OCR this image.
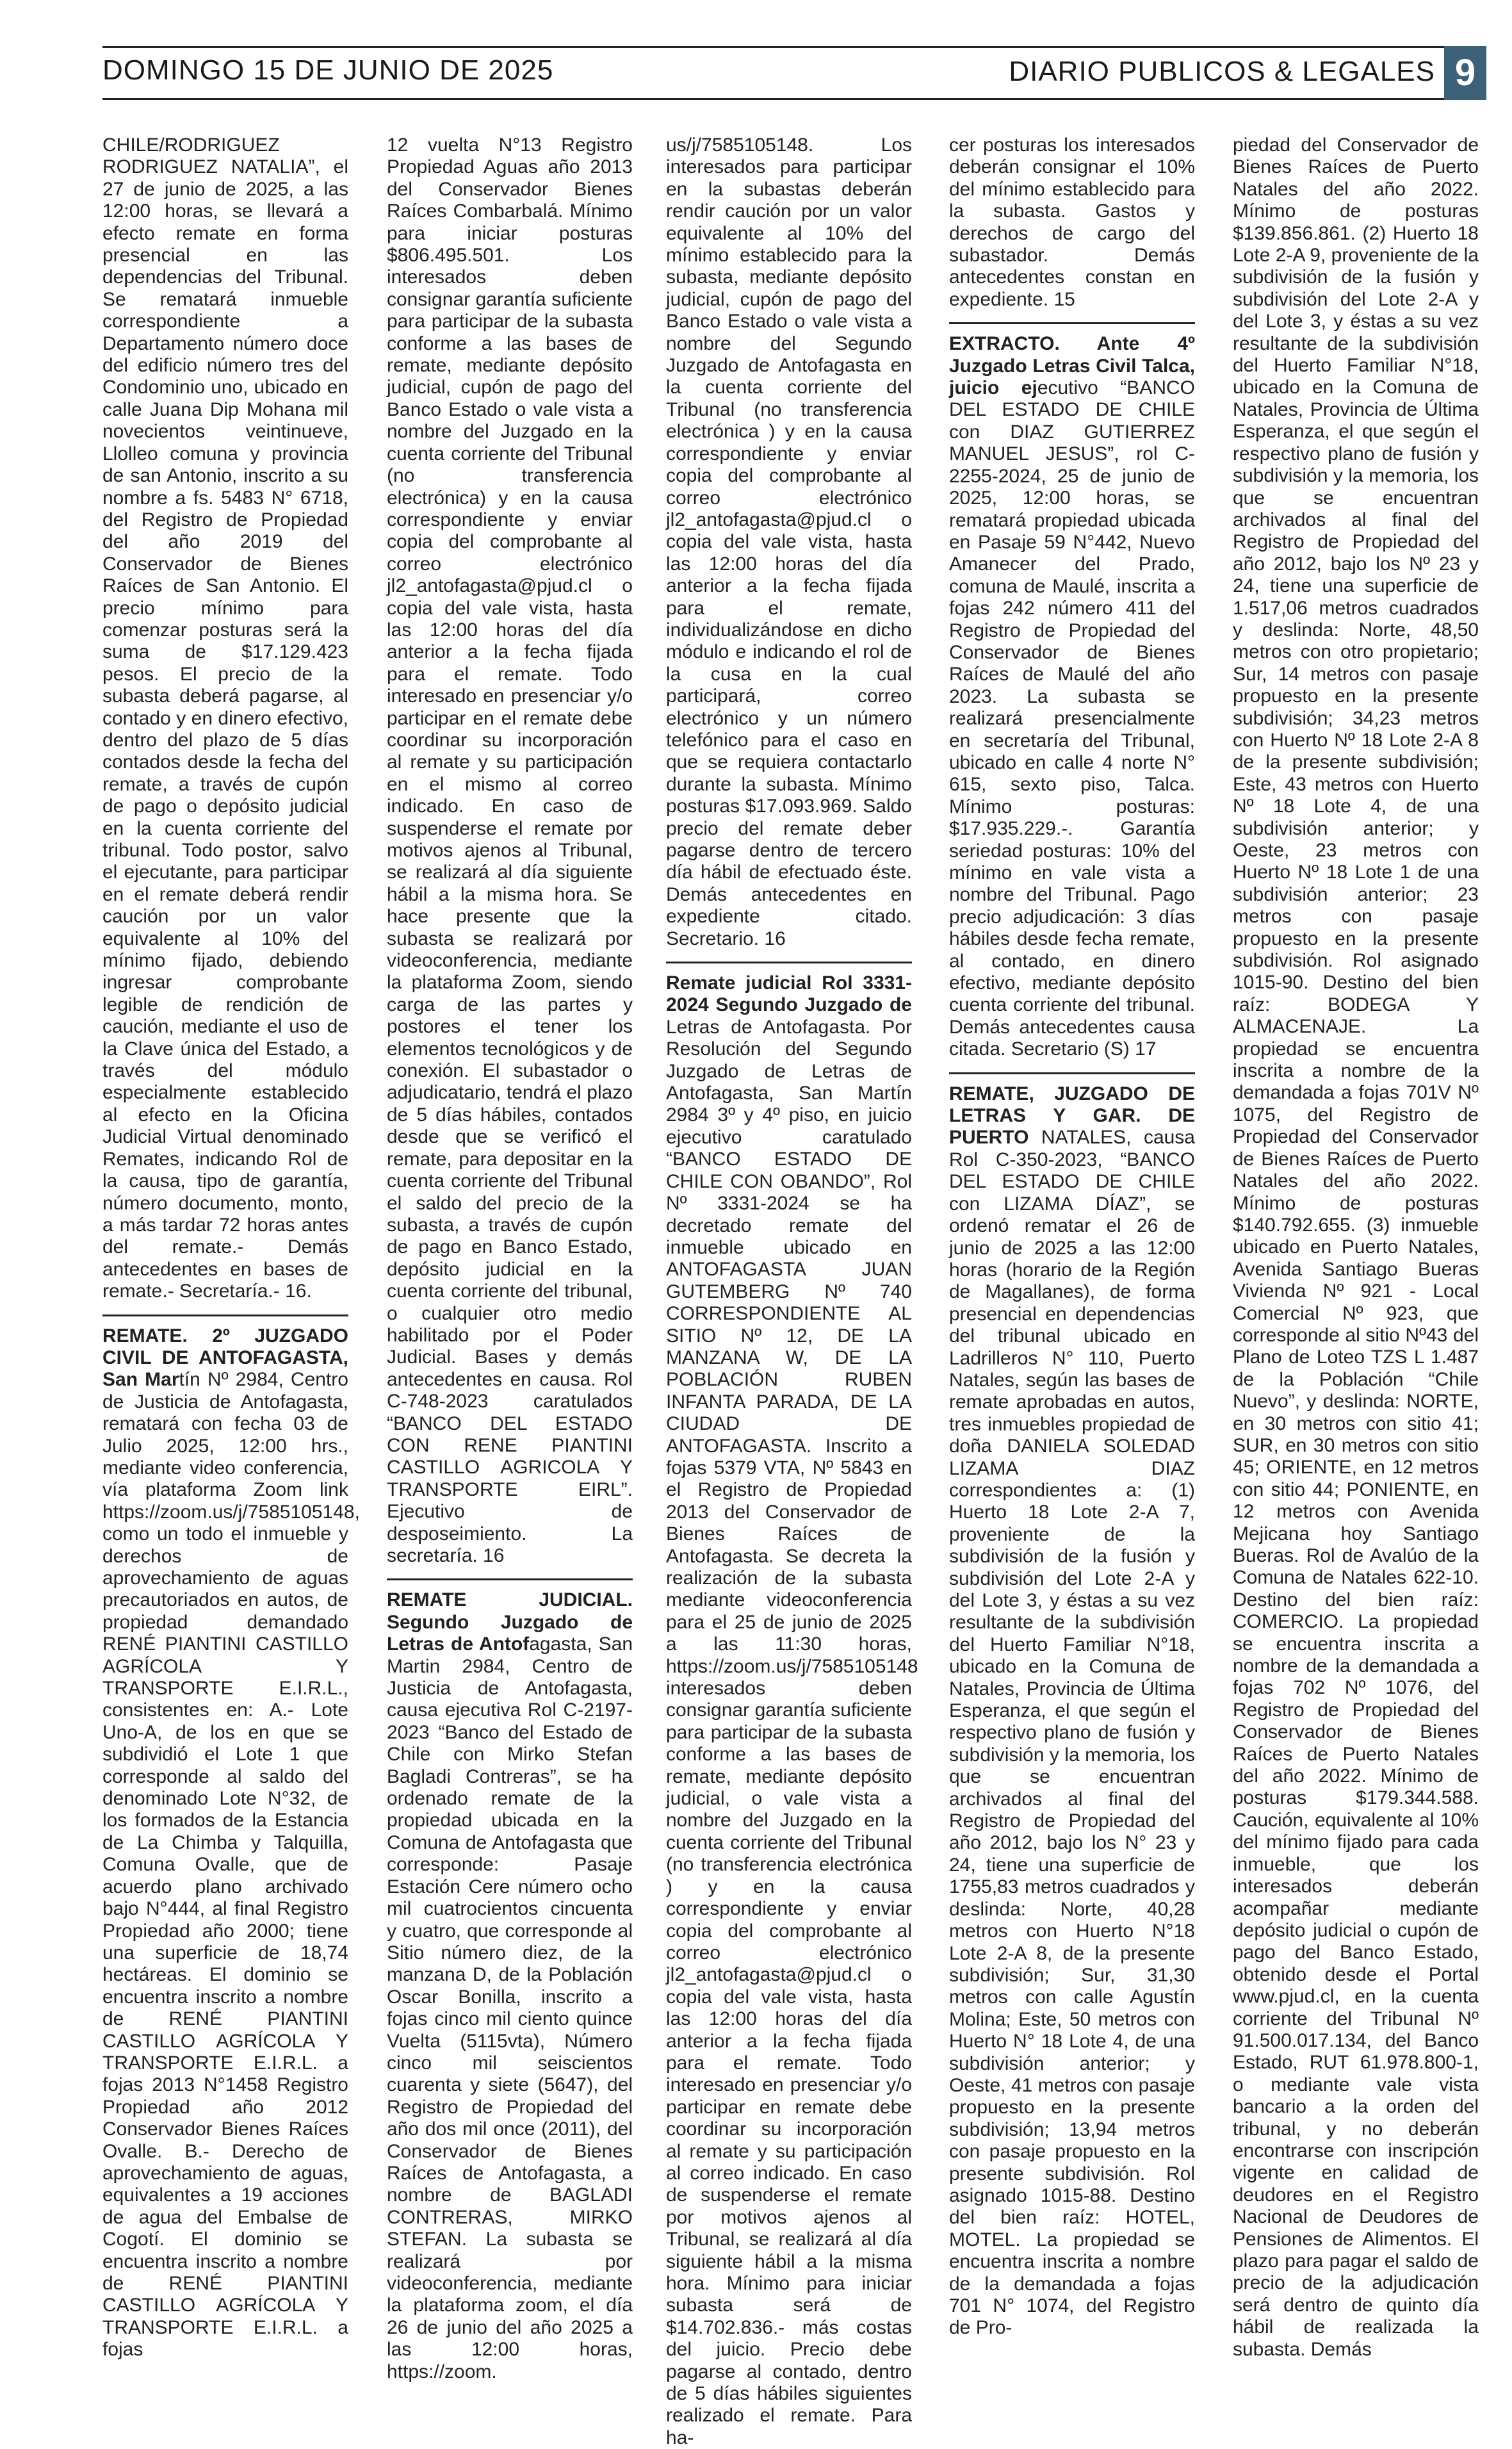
DOMINGO 15 DE JUNIO DE 2025	DIARIO PUBLICOS & LEGALES 9

CHILE/RODRIGUEZ RODRIGUEZ NATALIA”, el 27 de junio de 2025, a las 12:00 horas, se llevará a efecto remate en forma presencial en las dependencias del Tribunal. Se rematará inmueble correspondiente a Departamento número doce del edificio número tres del Condominio uno, ubicado en calle Juana Dip Mohana mil novecientos veintinueve, Llolleo comuna y provincia de san Antonio, inscrito a su nombre a fs. 5483 N° 6718, del Registro de Propiedad del año 2019 del Conservador de Bienes Raíces de San Antonio. El precio mínimo para comenzar posturas será la suma de $17.129.423 pesos. El precio de la subasta deberá pagarse, al contado y en dinero efectivo, dentro del plazo de 5 días contados desde la fecha del remate, a través de cupón de pago o depósito judicial en la cuenta corriente del tribunal. Todo postor, salvo el ejecutante, para participar en el remate deberá rendir caución por un valor equivalente al 10% del mínimo fijado, debiendo ingresar comprobante legible de rendición de caución, mediante el uso de la Clave única del Estado, a través del módulo especialmente establecido al efecto en la Oficina Judicial Virtual denominado Remates, indicando Rol de la causa, tipo de garantía, número documento, monto, a más tardar 72 horas antes del remate.- Demás antecedentes en bases de remate.- Secretaría.- 16.

REMATE. 2º JUZGADO CIVIL DE ANTOFAGASTA, San Martín Nº 2984, Centro de Justicia de Antofagasta, rematará con fecha 03 de Julio 2025, 12:00 hrs., mediante video conferencia, vía plataforma Zoom link https://zoom.us/j/7585105148, como un todo el inmueble y derechos de aprovechamiento de aguas precautoriados en autos, de propiedad demandado RENÉ PIANTINI CASTILLO AGRÍCOLA Y TRANSPORTE E.I.R.L., consistentes en: A.- Lote Uno-A, de los en que se subdividió el Lote 1 que corresponde al saldo del denominado Lote N°32, de los formados de la Estancia de La Chimba y Talquilla, Comuna Ovalle, que de acuerdo plano archivado bajo N°444, al final Registro Propiedad año 2000; tiene una superficie de 18,74 hectáreas. El dominio se encuentra inscrito a nombre de RENÉ PIANTINI CASTILLO AGRÍCOLA Y TRANSPORTE E.I.R.L. a fojas 2013 N°1458 Registro Propiedad año 2012 Conservador Bienes Raíces Ovalle. B.- Derecho de aprovechamiento de aguas, equivalentes a 19 acciones de agua del Embalse de Cogotí. El dominio se encuentra inscrito a nombre de RENÉ PIANTINI CASTILLO AGRÍCOLA Y TRANSPORTE E.I.R.L. a fojas

12 vuelta N°13 Registro Propiedad Aguas año 2013 del Conservador Bienes Raíces Combarbalá. Mínimo para iniciar posturas $806.495.501. Los interesados deben consignar garantía suficiente para participar de la subasta conforme a las bases de remate, mediante depósito judicial, cupón de pago del Banco Estado o vale vista a nombre del Juzgado en la cuenta corriente del Tribunal (no transferencia electrónica) y en la causa correspondiente y enviar copia del comprobante al correo electrónico jl2_antofagasta@pjud.cl o copia del vale vista, hasta las 12:00 horas del día anterior a la fecha fijada para el remate. Todo interesado en presenciar y/o participar en el remate debe coordinar su incorporación al remate y su participación en el mismo al correo indicado. En caso de suspenderse el remate por motivos ajenos al Tribunal, se realizará al día siguiente hábil a la misma hora. Se hace presente que la subasta se realizará por videoconferencia, mediante la plataforma Zoom, siendo carga de las partes y postores el tener los elementos tecnológicos y de conexión. El subastador o adjudicatario, tendrá el plazo de 5 días hábiles, contados desde que se verificó el remate, para depositar en la cuenta corriente del Tribunal el saldo del precio de la subasta, a través de cupón de pago en Banco Estado, depósito judicial en la cuenta corriente del tribunal, o cualquier otro medio habilitado por el Poder Judicial. Bases y demás antecedentes en causa. Rol C-748-2023 caratulados “BANCO DEL ESTADO CON RENE PIANTINI CASTILLO AGRICOLA Y TRANSPORTE EIRL”. Ejecutivo de desposeimiento. La secretaría. 16

REMATE JUDICIAL. Segundo Juzgado de Letras de Antofagasta, San Martin 2984, Centro de Justicia de Antofagasta, causa ejecutiva Rol C-2197-2023 “Banco del Estado de Chile con Mirko Stefan Bagladi Contreras”, se ha ordenado remate de la propiedad ubicada en la Comuna de Antofagasta que corresponde: Pasaje Estación Cere número ocho mil cuatrocientos cincuenta y cuatro, que corresponde al Sitio número diez, de la manzana D, de la Población Oscar Bonilla, inscrito a fojas cinco mil ciento quince Vuelta (5115vta), Número cinco mil seiscientos cuarenta y siete (5647), del Registro de Propiedad del año dos mil once (2011), del Conservador de Bienes Raíces de Antofagasta, a nombre de BAGLADI CONTRERAS, MIRKO STEFAN. La subasta se realizará por videoconferencia, mediante la plataforma zoom, el día 26 de junio del año 2025 a las 12:00 horas, https://zoom.

us/j/7585105148. Los interesados para participar en la subastas deberán rendir caución por un valor equivalente al 10% del mínimo establecido para la subasta, mediante depósito judicial, cupón de pago del Banco Estado o vale vista a nombre del Segundo Juzgado de Antofagasta en la cuenta corriente del Tribunal (no transferencia electrónica ) y en la causa correspondiente y enviar copia del comprobante al correo electrónico jl2_antofagasta@pjud.cl o copia del vale vista, hasta las 12:00 horas del día anterior a la fecha fijada para el remate, individualizándose en dicho módulo e indicando el rol de la cusa en la cual participará, correo electrónico y un número telefónico para el caso en que se requiera contactarlo durante la subasta. Mínimo posturas $17.093.969. Saldo precio del remate deber pagarse dentro de tercero día hábil de efectuado éste. Demás antecedentes en expediente citado. Secretario. 16

Remate judicial Rol 3331-2024 Segundo Juzgado de Letras de Antofagasta. Por Resolución del Segundo Juzgado de Letras de Antofagasta, San Martín 2984 3º y 4º piso, en juicio ejecutivo caratulado “BANCO ESTADO DE CHILE CON OBANDO”, Rol Nº 3331-2024 se ha decretado remate del inmueble ubicado en ANTOFAGASTA JUAN GUTEMBERG Nº 740 CORRESPONDIENTE AL SITIO Nº 12, DE LA MANZANA W, DE LA POBLACIÓN RUBEN INFANTA PARADA, DE LA CIUDAD DE ANTOFAGASTA. Inscrito a fojas 5379 VTA, Nº 5843 en el Registro de Propiedad 2013 del Conservador de Bienes Raíces de Antofagasta. Se decreta la realización de la subasta mediante videoconferencia para el 25 de junio de 2025 a las 11:30 horas, https://zoom.us/j/7585105148 interesados deben consignar garantía suficiente para participar de la subasta conforme a las bases de remate, mediante depósito judicial, o vale vista a nombre del Juzgado en la cuenta corriente del Tribunal (no transferencia electrónica ) y en la causa correspondiente y enviar copia del comprobante al correo electrónico jl2_antofagasta@pjud.cl o copia del vale vista, hasta las 12:00 horas del día anterior a la fecha fijada para el remate. Todo interesado en presenciar y/o participar en remate debe coordinar su incorporación al remate y su participación al correo indicado. En caso de suspenderse el remate por motivos ajenos al Tribunal, se realizará al día siguiente hábil a la misma hora. Mínimo para iniciar subasta será de $14.702.836.- más costas del juicio. Precio debe pagarse al contado, dentro de 5 días hábiles siguientes realizado el remate. Para ha-

cer posturas los interesados deberán consignar el 10% del mínimo establecido para la subasta. Gastos y derechos de cargo del subastador. Demás antecedentes constan en expediente. 15

EXTRACTO. Ante 4º Juzgado Letras Civil Talca, juicio ejecutivo “BANCO DEL ESTADO DE CHILE con DIAZ GUTIERREZ MANUEL JESUS”, rol C-2255-2024, 25 de junio de 2025, 12:00 horas, se rematará propiedad ubicada en Pasaje 59 N°442, Nuevo Amanecer del Prado, comuna de Maulé, inscrita a fojas 242 número 411 del Registro de Propiedad del Conservador de Bienes Raíces de Maulé del año 2023. La subasta se realizará presencialmente en secretaría del Tribunal, ubicado en calle 4 norte N° 615, sexto piso, Talca. Mínimo posturas: $17.935.229.-. Garantía seriedad posturas: 10% del mínimo en vale vista a nombre del Tribunal. Pago precio adjudicación: 3 días hábiles desde fecha remate, al contado, en dinero efectivo, mediante depósito cuenta corriente del tribunal. Demás antecedentes causa citada. Secretario (S) 17

REMATE, JUZGADO DE LETRAS Y GAR. DE PUERTO NATALES, causa Rol C-350-2023, “BANCO DEL ESTADO DE CHILE con LIZAMA DÍAZ”, se ordenó rematar el 26 de junio de 2025 a las 12:00 horas (horario de la Región de Magallanes), de forma presencial en dependencias del tribunal ubicado en Ladrilleros N° 110, Puerto Natales, según las bases de remate aprobadas en autos, tres inmuebles propiedad de doña DANIELA SOLEDAD LIZAMA DIAZ correspondientes a: (1) Huerto 18 Lote 2-A 7, proveniente de la subdivisión de la fusión y subdivisión del Lote 2-A y del Lote 3, y éstas a su vez resultante de la subdivisión del Huerto Familiar N°18, ubicado en la Comuna de Natales, Provincia de Última Esperanza, el que según el respectivo plano de fusión y subdivisión y la memoria, los que se encuentran archivados al final del Registro de Propiedad del año 2012, bajo los N° 23 y 24, tiene una superficie de 1755,83 metros cuadrados y deslinda: Norte, 40,28 metros con Huerto N°18 Lote 2-A 8, de la presente subdivisión; Sur, 31,30 metros con calle Agustín Molina; Este, 50 metros con Huerto N° 18 Lote 4, de una subdivisión anterior; y Oeste, 41 metros con pasaje propuesto en la presente subdivisión; 13,94 metros con pasaje propuesto en la presente subdivisión. Rol asignado 1015-88. Destino del bien raíz: HOTEL, MOTEL. La propiedad se encuentra inscrita a nombre de la demandada a fojas 701 N° 1074, del Registro de Pro-

piedad del Conservador de Bienes Raíces de Puerto Natales del año 2022. Mínimo de posturas $139.856.861. (2) Huerto 18 Lote 2-A 9, proveniente de la subdivisión de la fusión y subdivisión del Lote 2-A y del Lote 3, y éstas a su vez resultante de la subdivisión del Huerto Familiar N°18, ubicado en la Comuna de Natales, Provincia de Última Esperanza, el que según el respectivo plano de fusión y subdivisión y la memoria, los que se encuentran archivados al final del Registro de Propiedad del año 2012, bajo los Nº 23 y 24, tiene una superficie de 1.517,06 metros cuadrados y deslinda: Norte, 48,50 metros con otro propietario; Sur, 14 metros con pasaje propuesto en la presente subdivisión; 34,23 metros con Huerto Nº 18 Lote 2-A 8 de la presente subdivisión; Este, 43 metros con Huerto Nº 18 Lote 4, de una subdivisión anterior; y Oeste, 23 metros con Huerto Nº 18 Lote 1 de una subdivisión anterior; 23 metros con pasaje propuesto en la presente subdivisión. Rol asignado 1015-90. Destino del bien raíz: BODEGA Y ALMACENAJE. La propiedad se encuentra inscrita a nombre de la demandada a fojas 701V Nº 1075, del Registro de Propiedad del Conservador de Bienes Raíces de Puerto Natales del año 2022. Mínimo de posturas $140.792.655. (3) inmueble ubicado en Puerto Natales, Avenida Santiago Bueras Vivienda Nº 921 - Local Comercial Nº 923, que corresponde al sitio Nº43 del Plano de Loteo TZS L 1.487 de la Población “Chile Nuevo”, y deslinda: NORTE, en 30 metros con sitio 41; SUR, en 30 metros con sitio 45; ORIENTE, en 12 metros con sitio 44; PONIENTE, en 12 metros con Avenida Mejicana hoy Santiago Bueras. Rol de Avalúo de la Comuna de Natales 622-10. Destino del bien raíz: COMERCIO. La propiedad se encuentra inscrita a nombre de la demandada a fojas 702 Nº 1076, del Registro de Propiedad del Conservador de Bienes Raíces de Puerto Natales del año 2022. Mínimo de posturas $179.344.588. Caución, equivalente al 10% del mínimo fijado para cada inmueble, que los interesados deberán acompañar mediante depósito judicial o cupón de pago del Banco Estado, obtenido desde el Portal www.pjud.cl, en la cuenta corriente del Tribunal Nº 91.500.017.134, del Banco Estado, RUT 61.978.800-1, o mediante vale vista bancario a la orden del tribunal, y no deberán encontrarse con inscripción vigente en calidad de deudores en el Registro Nacional de Deudores de Pensiones de Alimentos. El plazo para pagar el saldo de precio de la adjudicación será dentro de quinto día hábil de realizada la subasta. Demás
